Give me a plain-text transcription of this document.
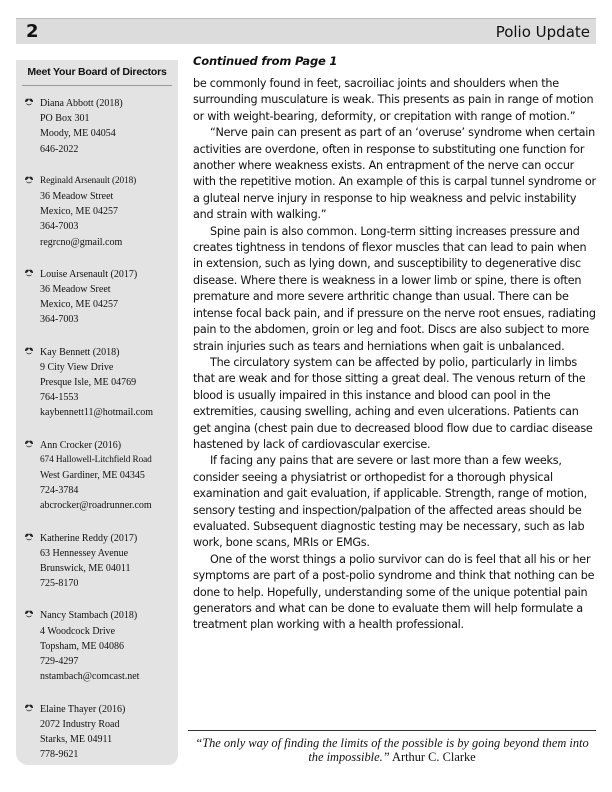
2	Polio Update
Meet Your Board of Directors
Diana Abbott (2018)
PO Box 301
Moody, ME 04054
646-2022
Reginald Arsenault (2018)
36 Meadow Street
Mexico, ME 04257
364-7003
regrcno@gmail.com
Louise Arsenault (2017)
36 Meadow Sreet
Mexico, ME 04257
364-7003
Kay Bennett (2018)
9 City View Drive
Presque Isle, ME 04769
764-1553
kaybennett11@hotmail.com
Ann Crocker (2016)
674 Hallowell-Litchfield Road
West Gardiner, ME 04345
724-3784
abcrocker@roadrunner.com
Katherine Reddy (2017)
63 Hennessey Avenue
Brunswick, ME 04011
725-8170
Nancy Stambach (2018)
4 Woodcock Drive
Topsham, ME 04086
729-4297
nstambach@comcast.net
Elaine Thayer (2016)
2072 Industry Road
Starks, ME 04911
778-9621
Continued from Page 1

be commonly found in feet, sacroiliac joints and shoulders when the surrounding musculature is weak. This presents as pain in range of motion or with weight-bearing, deformity, or crepitation with range of motion.”

“Nerve pain can present as part of an ‘overuse’ syndrome when certain activities are overdone, often in response to substituting one function for another where weakness exists. An entrapment of the nerve can occur with the repetitive motion. An example of this is carpal tunnel syndrome or a gluteal nerve injury in response to hip weakness and pelvic instability and strain with walking.”

Spine pain is also common. Long-term sitting increases pressure and creates tightness in tendons of flexor muscles that can lead to pain when in extension, such as lying down, and susceptibility to degenerative disc disease. Where there is weakness in a lower limb or spine, there is often premature and more severe arthritic change than usual. There can be intense focal back pain, and if pressure on the nerve root ensues, radiating pain to the abdomen, groin or leg and foot. Discs are also subject to more strain injuries such as tears and herniations when gait is unbalanced.

The circulatory system can be affected by polio, particularly in limbs that are weak and for those sitting a great deal. The venous return of the blood is usually impaired in this instance and blood can pool in the extremities, causing swelling, aching and even ulcerations. Patients can get angina (chest pain due to decreased blood flow due to cardiac disease hastened by lack of cardiovascular exercise.

If facing any pains that are severe or last more than a few weeks, consider seeing a physiatrist or orthopedist for a thorough physical examination and gait evaluation, if applicable. Strength, range of motion, sensory testing and inspection/palpation of the affected areas should be evaluated. Subsequent diagnostic testing may be necessary, such as lab work, bone scans, MRIs or EMGs.

One of the worst things a polio survivor can do is feel that all his or her symptoms are part of a post-polio syndrome and think that nothing can be done to help. Hopefully, understanding some of the unique potential pain generators and what can be done to evaluate them will help formulate a treatment plan working with a health professional.

“The only way of finding the limits of the possible is by going beyond them into the impossible.” Arthur C. Clarke
